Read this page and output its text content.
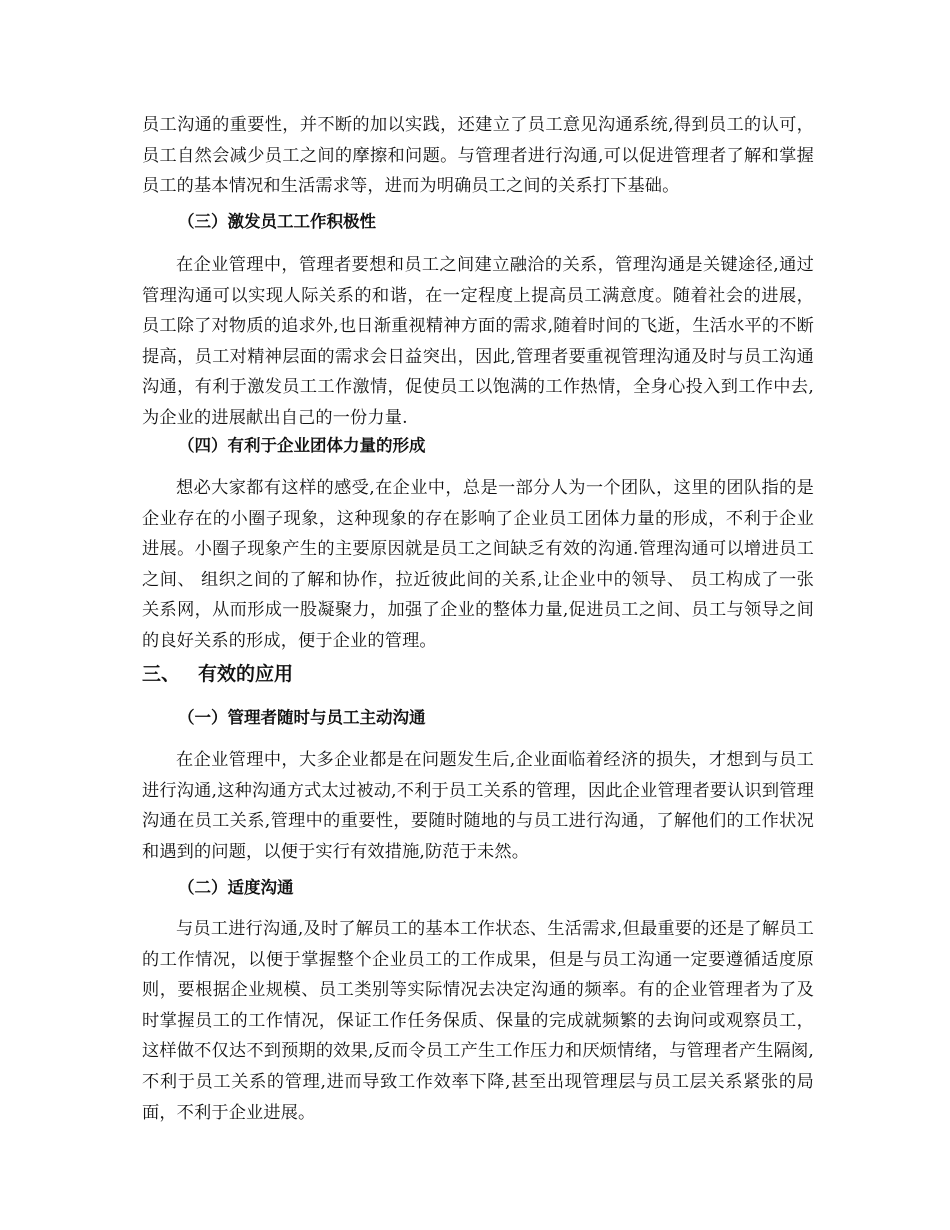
员工沟通的重要性，并不断的加以实践，还建立了员工意见沟通系统,得到员工的认可，员工自然会减少员工之间的摩擦和问题。与管理者进行沟通,可以促进管理者了解和掌握员工的基本情况和生活需求等，进而为明确员工之间的关系打下基础。

（三）激发员工工作积极性

在企业管理中，管理者要想和员工之间建立融洽的关系，管理沟通是关键途径,通过管理沟通可以实现人际关系的和谐，在一定程度上提高员工满意度。随着社会的进展，员工除了对物质的追求外,也日渐重视精神方面的需求,随着时间的飞逝，生活水平的不断提高，员工对精神层面的需求会日益突出，因此,管理者要重视管理沟通及时与员工沟通沟通，有利于激发员工工作激情，促使员工以饱满的工作热情，全身心投入到工作中去,为企业的进展献出自己的一份力量.

（四）有利于企业团体力量的形成

想必大家都有这样的感受,在企业中，总是一部分人为一个团队，这里的团队指的是企业存在的小圈子现象，这种现象的存在影响了企业员工团体力量的形成，不利于企业进展。小圈子现象产生的主要原因就是员工之间缺乏有效的沟通.管理沟通可以增进员工之间、 组织之间的了解和协作，拉近彼此间的关系,让企业中的领导、 员工构成了一张关系网，从而形成一股凝聚力，加强了企业的整体力量,促进员工之间、员工与领导之间的良好关系的形成，便于企业的管理。

三、 有效的应用
（一）管理者随时与员工主动沟通

在企业管理中，大多企业都是在问题发生后,企业面临着经济的损失，才想到与员工进行沟通,这种沟通方式太过被动,不利于员工关系的管理，因此企业管理者要认识到管理沟通在员工关系,管理中的重要性，要随时随地的与员工进行沟通，了解他们的工作状况和遇到的问题，以便于实行有效措施,防范于未然。

（二）适度沟通

与员工进行沟通,及时了解员工的基本工作状态、生活需求,但最重要的还是了解员工的工作情况，以便于掌握整个企业员工的工作成果，但是与员工沟通一定要遵循适度原则，要根据企业规模、员工类别等实际情况去决定沟通的频率。有的企业管理者为了及时掌握员工的工作情况，保证工作任务保质、保量的完成就频繁的去询问或观察员工，这样做不仅达不到预期的效果,反而令员工产生工作压力和厌烦情绪，与管理者产生隔阂,不利于员工关系的管理,进而导致工作效率下降,甚至出现管理层与员工层关系紧张的局面，不利于企业进展。
